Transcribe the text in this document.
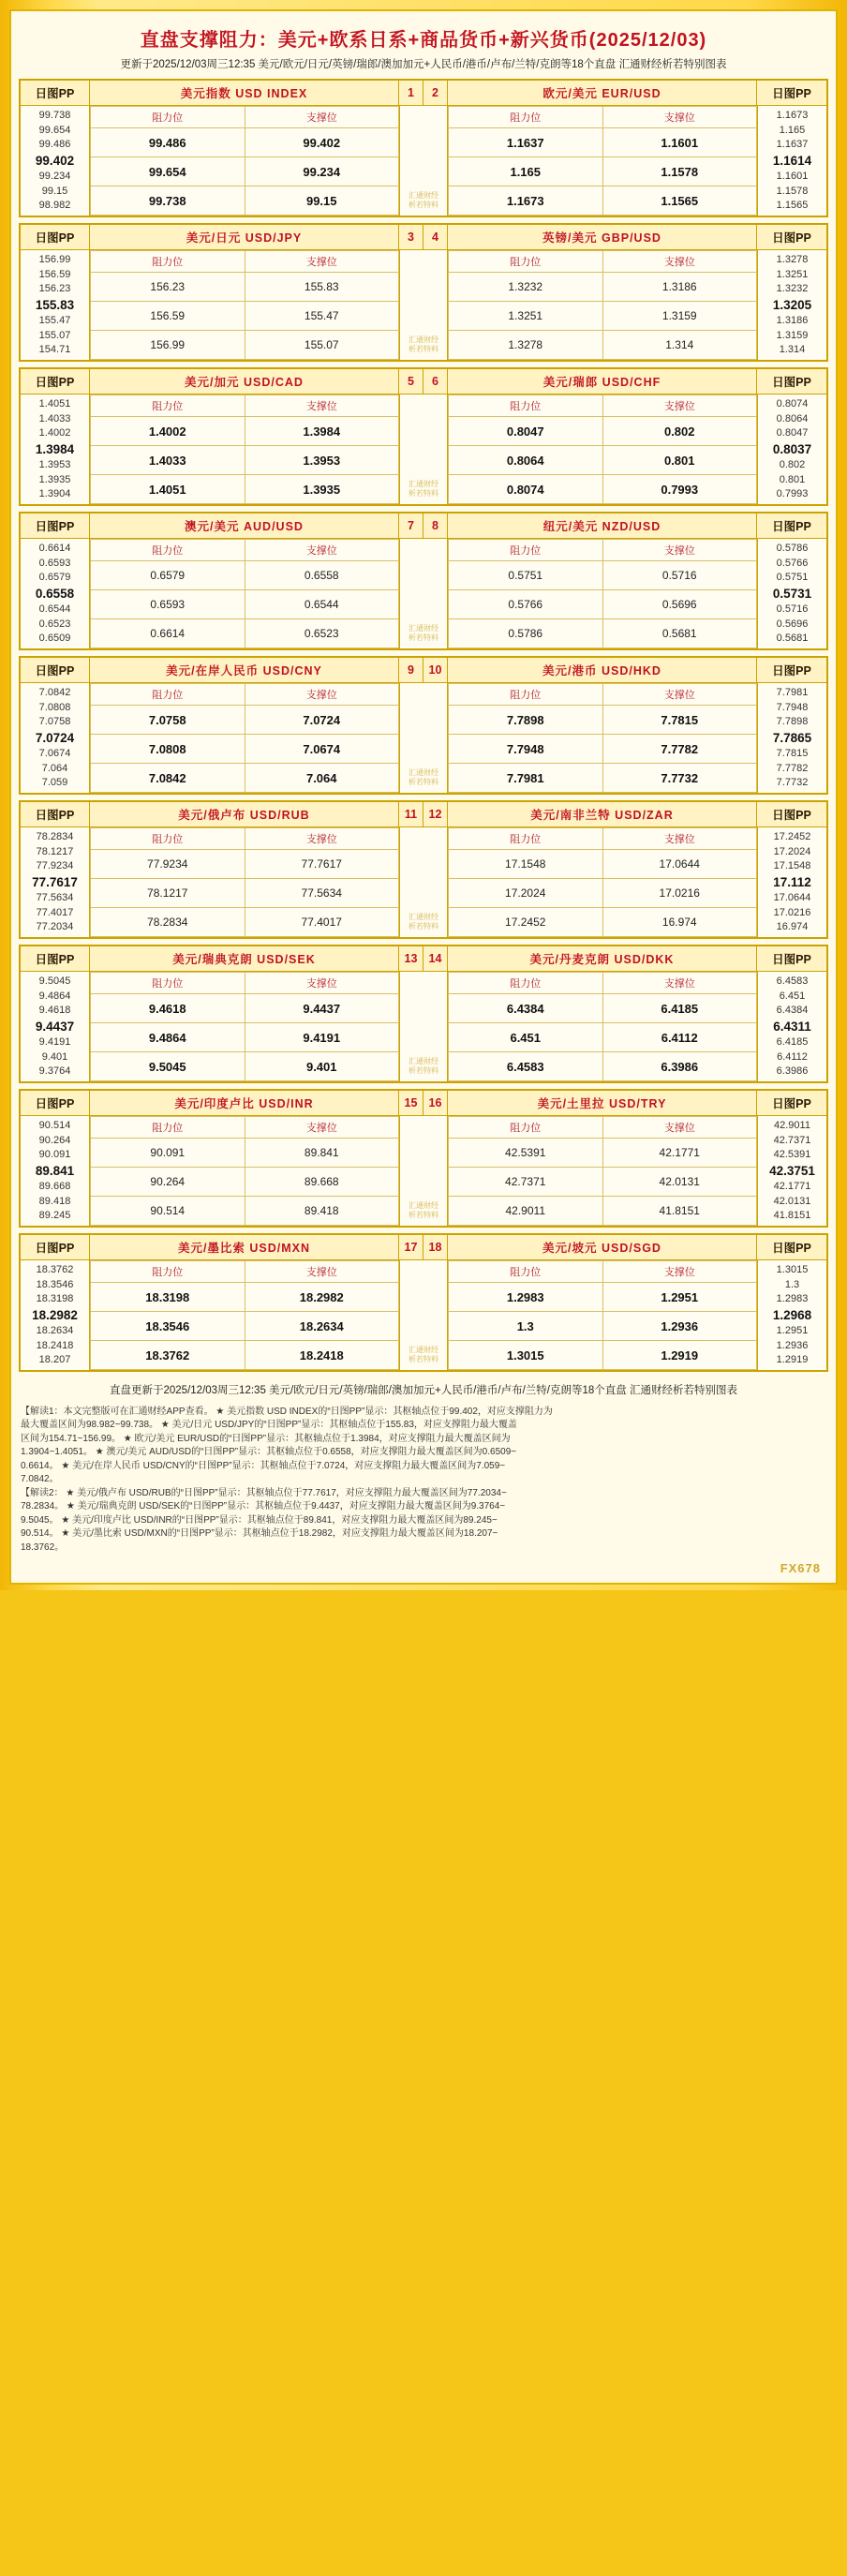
直盘支撑阻力：美元+欧系日系+商品货币+新兴货币(2025/12/03)
更新于2025/12/03周三12:35 美元/欧元/日元/英镑/瑞郎/澳加加元+人民币/港币/卢布/兰特/克朗等18个直盘 汇通财经析若特别图表
日图PP	美元指数 USD INDEX	1	2	欧元/美元 EUR/USD	日图PP
99.738
99.654
99.486
99.402
99.234
99.15
98.982
阻力位	支撑位
99.486	99.402
99.654	99.234
99.738	99.15	汇通财经
析若特料
阻力位	支撑位
1.1637	1.1601
1.165	1.1578
1.1673	1.1565
1.1673
1.165
1.1637
1.1614
1.1601
1.1578
1.1565
日图PP	美元/日元 USD/JPY	3	4	英镑/美元 GBP/USD	日图PP
156.99
156.59
156.23
155.83
155.47
155.07
154.71
阻力位	支撑位
156.23	155.83
156.59	155.47
156.99	155.07	汇通财经
析若特料
阻力位	支撑位
1.3232	1.3186
1.3251	1.3159
1.3278	1.314
1.3278
1.3251
1.3232
1.3205
1.3186
1.3159
1.314
日图PP	美元/加元 USD/CAD	5	6	美元/瑞郎 USD/CHF	日图PP
1.4051
1.4033
1.4002
1.3984
1.3953
1.3935
1.3904
阻力位	支撑位
1.4002	1.3984
1.4033	1.3953
1.4051	1.3935	汇通财经
析若特料
阻力位	支撑位
0.8047	0.802
0.8064	0.801
0.8074	0.7993
0.8074
0.8064
0.8047
0.8037
0.802
0.801
0.7993
日图PP	澳元/美元 AUD/USD	7	8	纽元/美元 NZD/USD	日图PP
0.6614
0.6593
0.6579
0.6558
0.6544
0.6523
0.6509
阻力位	支撑位
0.6579	0.6558
0.6593	0.6544
0.6614	0.6523	汇通财经
析若特料
阻力位	支撑位
0.5751	0.5716
0.5766	0.5696
0.5786	0.5681
0.5786
0.5766
0.5751
0.5731
0.5716
0.5696
0.5681
日图PP	美元/在岸人民币 USD/CNY	9	10	美元/港币 USD/HKD	日图PP
7.0842
7.0808
7.0758
7.0724
7.0674
7.064
7.059
阻力位	支撑位
7.0758	7.0724
7.0808	7.0674
7.0842	7.064	汇通财经
析若特料
阻力位	支撑位
7.7898	7.7815
7.7948	7.7782
7.7981	7.7732
7.7981
7.7948
7.7898
7.7865
7.7815
7.7782
7.7732
日图PP	美元/俄卢布 USD/RUB	11 12	美元/南非兰特 USD/ZAR	日图PP
78.2834
78.1217
77.9234
77.7617
77.5634
77.4017
77.2034
阻力位	支撑位
77.9234	77.7617
78.1217	77.5634
78.2834	77.4017	汇通财经
析若特料
阻力位	支撑位
17.1548	17.0644
17.2024	17.0216
17.2452	16.974
17.2452
17.2024
17.1548
17.112
17.0644
17.0216
16.974
日图PP	美元/瑞典克朗 USD/SEK	13 14	美元/丹麦克朗 USD/DKK	日图PP
9.5045
9.4864
9.4618
9.4437
9.4191
9.401
9.3764
阻力位	支撑位
9.4618	9.4437
9.4864	9.4191
9.5045	9.401	汇通财经
析若特料
阻力位	支撑位
6.4384	6.4185
6.451	6.4112
6.4583	6.3986
6.4583
6.451
6.4384
6.4311
6.4185
6.4112
6.3986
日图PP	美元/印度卢比 USD/INR	15 16	美元/土里拉 USD/TRY	日图PP
90.514
90.264
90.091
89.841
89.668
89.418
89.245
阻力位	支撑位
90.091	89.841
90.264	89.668
90.514	89.418	汇通财经
析若特料
阻力位	支撑位
42.5391	42.1771
42.7371	42.0131
42.9011	41.8151
42.9011
42.7371
42.5391
42.3751
42.1771
42.0131
41.8151
日图PP	美元/墨比索 USD/MXN	17 18	美元/坡元 USD/SGD	日图PP
18.3762
18.3546
18.3198
18.2982
18.2634
18.2418
18.207
阻力位	支撑位
18.3198	18.2982
18.3546	18.2634
18.3762	18.2418	汇通财经
析若特料
阻力位	支撑位
1.2983	1.2951
1.3	1.2936
1.3015	1.2919
1.3015
1.3
1.2983
1.2968
1.2951
1.2936
1.2919
直盘更新于2025/12/03周三12:35 美元/欧元/日元/英镑/瑞郎/澳加加元+人民币/港币/卢布/兰特/克朗等18个直盘 汇通财经析若特别图表
【解读1：本文完整版可在汇通财经APP查看。 ★ 美元指数 USD INDEX的“日图PP”显示：其枢轴点位于99.402，对应支撑阻力为
最大覆盖区间为98.982~99.738。 ★ 美元/日元 USD/JPY的“日图PP”显示：其枢轴点位于155.83，对应支撑阻力最大覆盖
区间为154.71~156.99。 ★ 欧元/美元 EUR/USD的“日图PP”显示：其枢轴点位于1.3984，对应支撑阻力最大覆盖区间为
1.3904~1.4051。 ★ 澳元/美元 AUD/USD的“日图PP”显示：其枢轴点位于0.6558，对应支撑阻力最大覆盖区间为0.6509~
0.6614。 ★ 美元/在岸人民币 USD/CNY的“日图PP”显示：其枢轴点位于7.0724，对应支撑阻力最大覆盖区间为7.059~
7.0842。
【解读2： ★ 美元/俄卢布 USD/RUB的“日图PP”显示：其枢轴点位于77.7617，对应支撑阻力最大覆盖区间为77.2034~
78.2834。 ★ 美元/瑞典克朗 USD/SEK的“日图PP”显示：其枢轴点位于9.4437，对应支撑阻力最大覆盖区间为9.3764~
9.5045。 ★ 美元/印度卢比 USD/INR的“日图PP”显示：其枢轴点位于89.841，对应支撑阻力最大覆盖区间为89.245~
90.514。 ★ 美元/墨比索 USD/MXN的“日图PP”显示：其枢轴点位于18.2982，对应支撑阻力最大覆盖区间为18.207~
18.3762。
FX678
